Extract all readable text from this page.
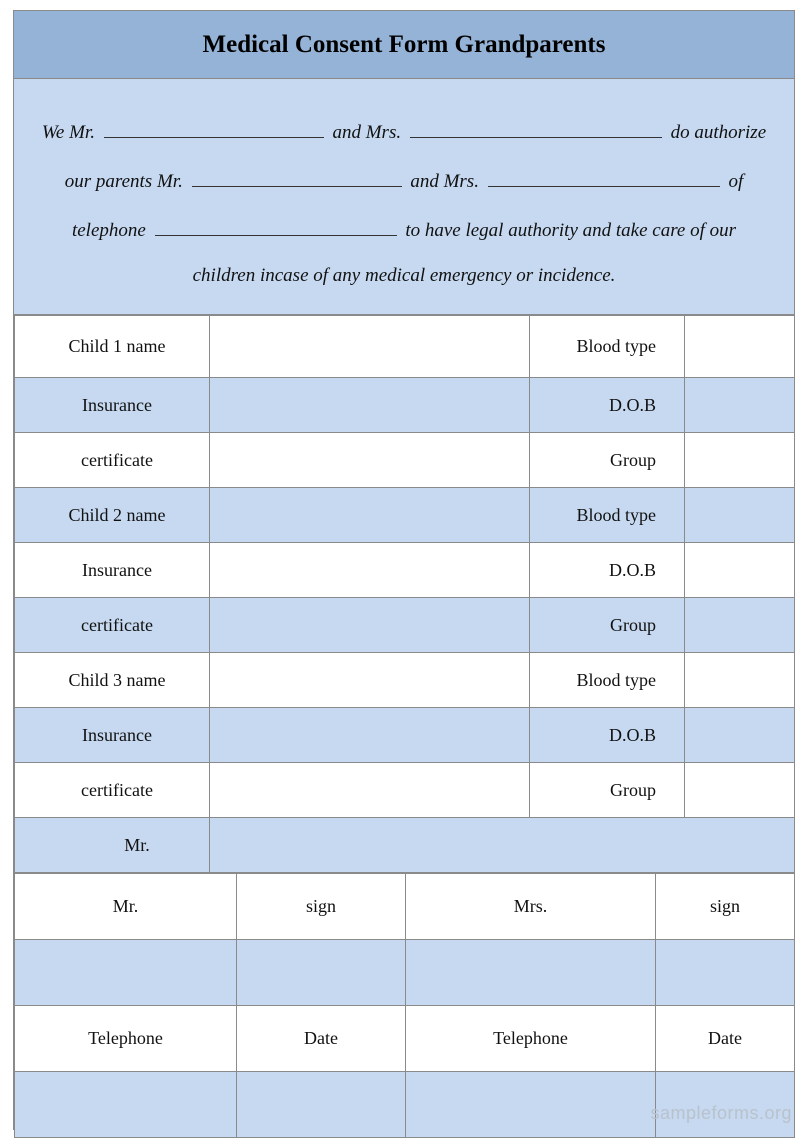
Medical Consent Form Grandparents
We Mr.	and Mrs.	do authorize
our parents Mr.	and Mrs.	of
telephone	to have legal authority and take care of our
children incase of any medical emergency or incidence.
Child 1 name		Blood type	
Insurance		D.O.B	
certificate		Group	
Child 2 name		Blood type	
Insurance		D.O.B	
certificate		Group	
Child 3 name		Blood type	
Insurance		D.O.B	
certificate		Group	
Mr.			
Mr.	sign	Mrs.	sign

Telephone	Date	Telephone	Date

sampleforms.org
